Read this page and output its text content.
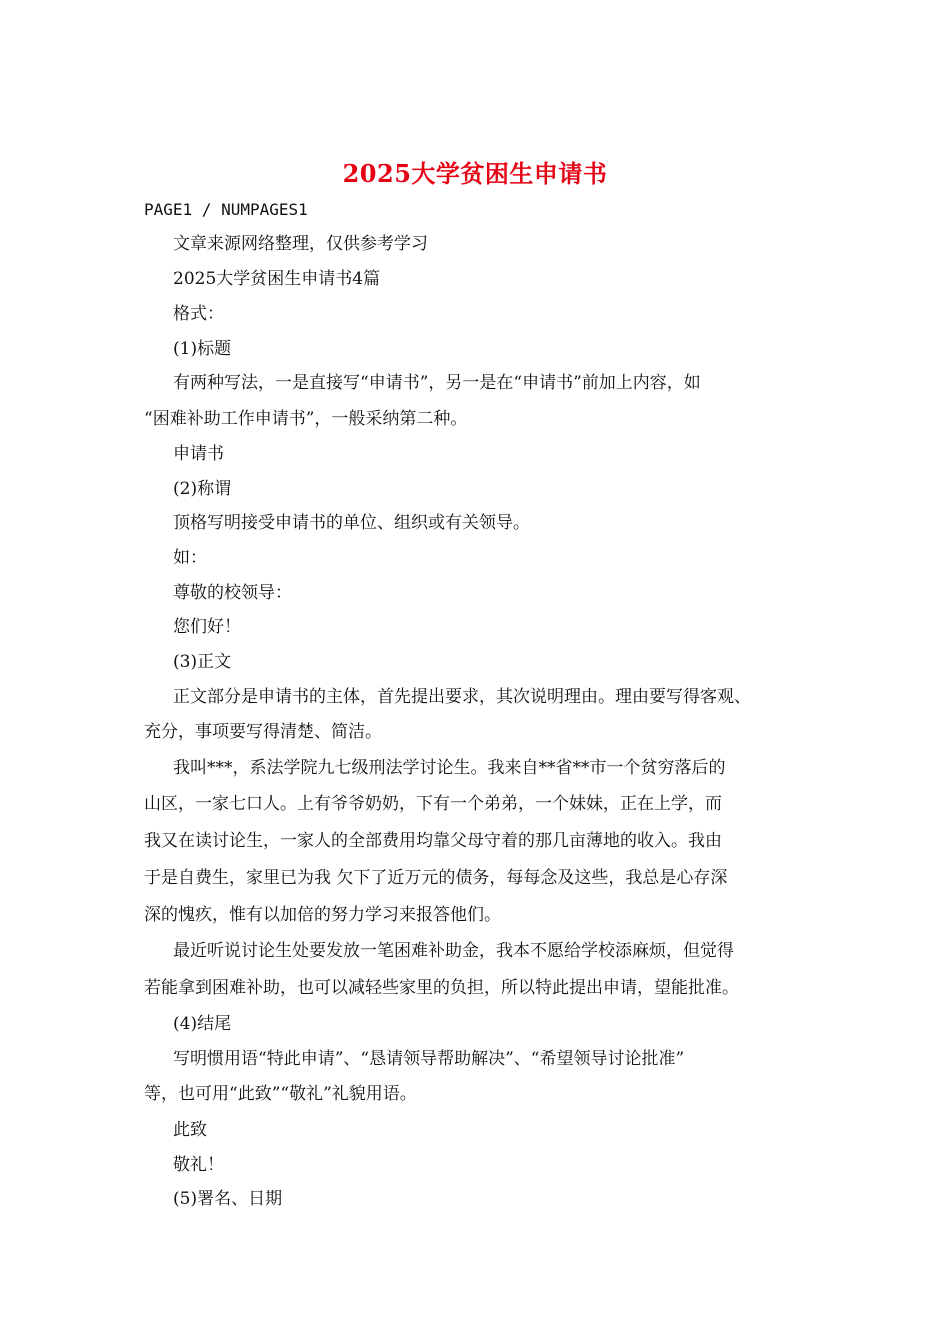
2025大学贫困生申请书
PAGE1 / NUMPAGES1
文章来源网络整理，仅供参考学习
2025大学贫困生申请书4篇
格式：
(1)标题
有两种写法，一是直接写“申请书”，另一是在“申请书”前加上内容，如
“困难补助工作申请书”，一般采纳第二种。
申请书
(2)称谓
顶格写明接受申请书的单位、组织或有关领导。
如：
尊敬的校领导：
您们好！
(3)正文
正文部分是申请书的主体，首先提出要求，其次说明理由。理由要写得客观、
充分，事项要写得清楚、简洁。
我叫***，系法学院九七级刑法学讨论生。我来自**省**市一个贫穷落后的
山区，一家七口人。上有爷爷奶奶，下有一个弟弟，一个妹妹，正在上学，而
我又在读讨论生，一家人的全部费用均靠父母守着的那几亩薄地的收入。我由
于是自费生，家里已为我 欠下了近万元的债务，每每念及这些，我总是心存深
深的愧疚，惟有以加倍的努力学习来报答他们。
最近听说讨论生处要发放一笔困难补助金，我本不愿给学校添麻烦，但觉得
若能拿到困难补助，也可以减轻些家里的负担，所以特此提出申请，望能批准。
(4)结尾
写明惯用语“特此申请”、“恳请领导帮助解决”、“希望领导讨论批准”
等，也可用“此致”“敬礼”礼貌用语。
此致
敬礼！
(5)署名、日期
